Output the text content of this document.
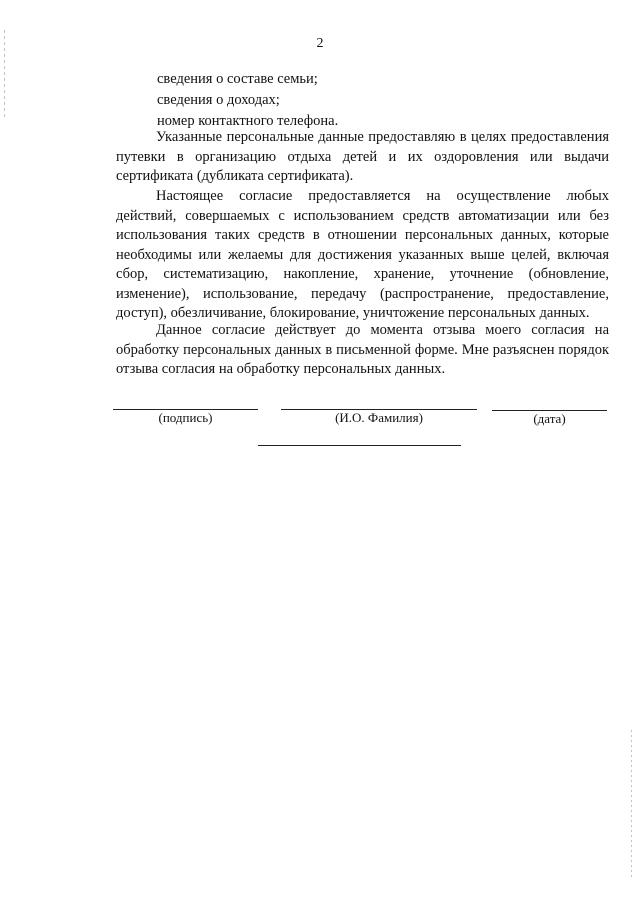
2
сведения о составе семьи;
сведения о доходах;
номер контактного телефона.

Указанные персональные данные предоставляю в целях предоставления путевки в организацию отдыха детей и их оздоровления или выдачи сертификата (дубликата сертификата).

Настоящее согласие предоставляется на осуществление любых действий, совершаемых с использованием средств автоматизации или без использования таких средств в отношении персональных данных, которые необходимы или желаемы для достижения указанных выше целей, включая сбор, систематизацию, накопление, хранение, уточнение (обновление, изменение), использование, передачу (распространение, предоставление, доступ), обезличивание, блокирование, уничтожение персональных данных.

Данное согласие действует до момента отзыва моего согласия на обработку персональных данных в письменной форме. Мне разъяснен порядок отзыва согласия на обработку персональных данных.

(подпись)	(И.О. Фамилия)	(дата)
